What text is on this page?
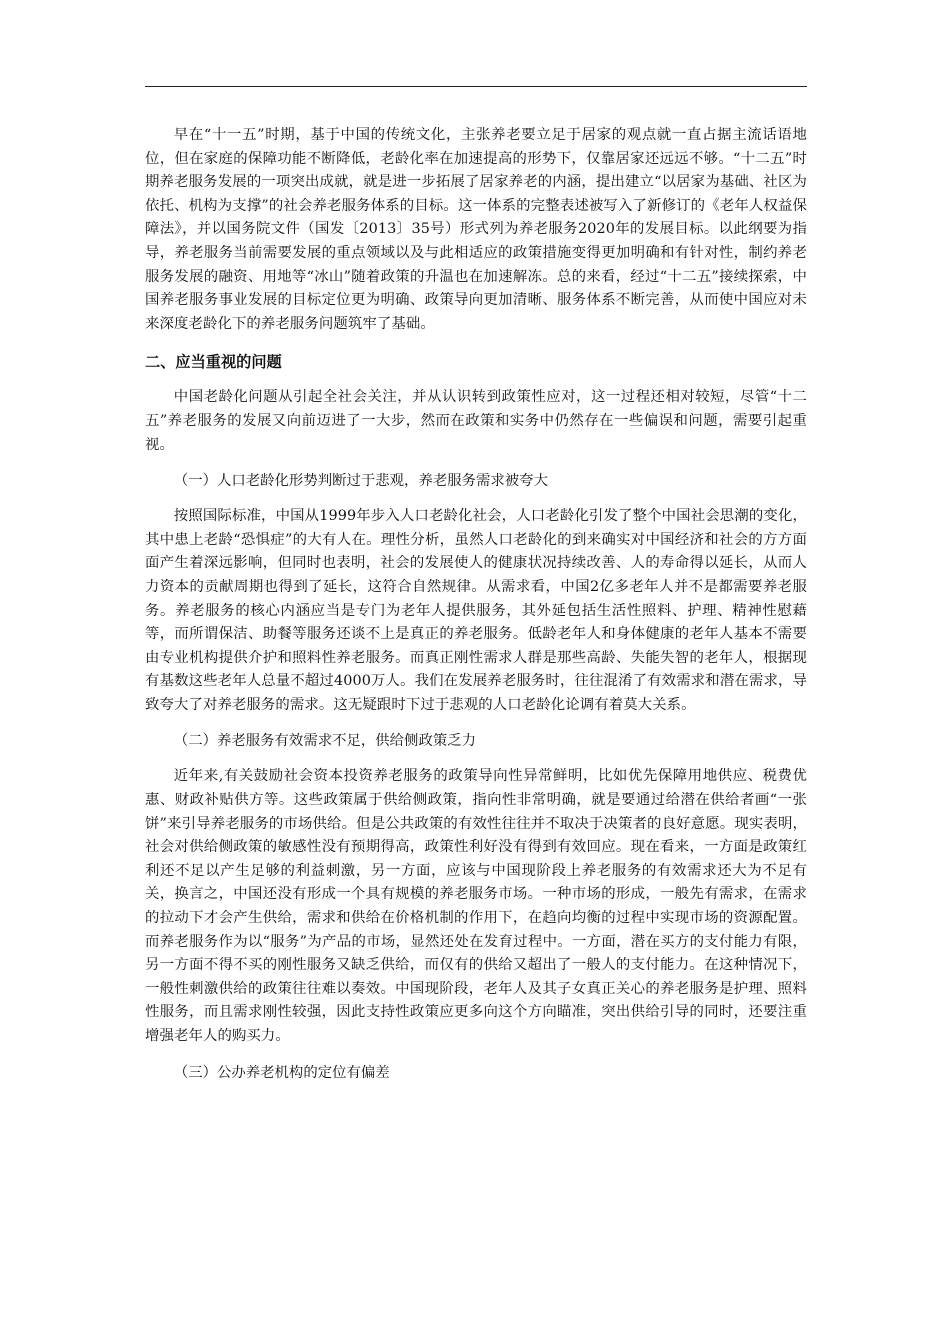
早在“十一五”时期，基于中国的传统文化，主张养老要立足于居家的观点就一直占据主流话语地位，但在家庭的保障功能不断降低，老龄化率在加速提高的形势下，仅靠居家还远远不够。“十二五”时期养老服务发展的一项突出成就，就是进一步拓展了居家养老的内涵，提出建立“以居家为基础、社区为依托、机构为支撑”的社会养老服务体系的目标。这一体系的完整表述被写入了新修订的《老年人权益保障法》，并以国务院文件（国发〔2013〕35号）形式列为养老服务2020年的发展目标。以此纲要为指导，养老服务当前需要发展的重点领域以及与此相适应的政策措施变得更加明确和有针对性，制约养老服务发展的融资、用地等“冰山”随着政策的升温也在加速解冻。总的来看，经过“十二五”接续探索，中国养老服务事业发展的目标定位更为明确、政策导向更加清晰、服务体系不断完善，从而使中国应对未来深度老龄化下的养老服务问题筑牢了基础。

二、应当重视的问题

中国老龄化问题从引起全社会关注，并从认识转到政策性应对，这一过程还相对较短，尽管“十二五”养老服务的发展又向前迈进了一大步，然而在政策和实务中仍然存在一些偏误和问题，需要引起重视。

（一）人口老龄化形势判断过于悲观，养老服务需求被夸大

按照国际标准，中国从1999年步入人口老龄化社会，人口老龄化引发了整个中国社会思潮的变化，其中患上老龄“恐惧症”的大有人在。理性分析，虽然人口老龄化的到来确实对中国经济和社会的方方面面产生着深远影响，但同时也表明，社会的发展使人的健康状况持续改善、人的寿命得以延长，从而人力资本的贡献周期也得到了延长，这符合自然规律。从需求看，中国2亿多老年人并不是都需要养老服务。养老服务的核心内涵应当是专门为老年人提供服务，其外延包括生活性照料、护理、精神性慰藉等，而所谓保洁、助餐等服务还谈不上是真正的养老服务。低龄老年人和身体健康的老年人基本不需要由专业机构提供介护和照料性养老服务。而真正刚性需求人群是那些高龄、失能失智的老年人，根据现有基数这些老年人总量不超过4000万人。我们在发展养老服务时，往往混淆了有效需求和潜在需求，导致夸大了对养老服务的需求。这无疑跟时下过于悲观的人口老龄化论调有着莫大关系。

（二）养老服务有效需求不足，供给侧政策乏力

近年来,有关鼓励社会资本投资养老服务的政策导向性异常鲜明，比如优先保障用地供应、税费优惠、财政补贴供方等。这些政策属于供给侧政策，指向性非常明确，就是要通过给潜在供给者画“一张饼”来引导养老服务的市场供给。但是公共政策的有效性往往并不取决于决策者的良好意愿。现实表明，社会对供给侧政策的敏感性没有预期得高，政策性利好没有得到有效回应。现在看来，一方面是政策红利还不足以产生足够的利益刺激，另一方面，应该与中国现阶段上养老服务的有效需求还大为不足有关，换言之，中国还没有形成一个具有规模的养老服务市场。一种市场的形成，一般先有需求，在需求的拉动下才会产生供给，需求和供给在价格机制的作用下，在趋向均衡的过程中实现市场的资源配置。而养老服务作为以“服务”为产品的市场，显然还处在发育过程中。一方面，潜在买方的支付能力有限，另一方面不得不买的刚性服务又缺乏供给，而仅有的供给又超出了一般人的支付能力。在这种情况下，一般性刺激供给的政策往往难以奏效。中国现阶段，老年人及其子女真正关心的养老服务是护理、照料性服务，而且需求刚性较强，因此支持性政策应更多向这个方向瞄准，突出供给引导的同时，还要注重增强老年人的购买力。

（三）公办养老机构的定位有偏差
